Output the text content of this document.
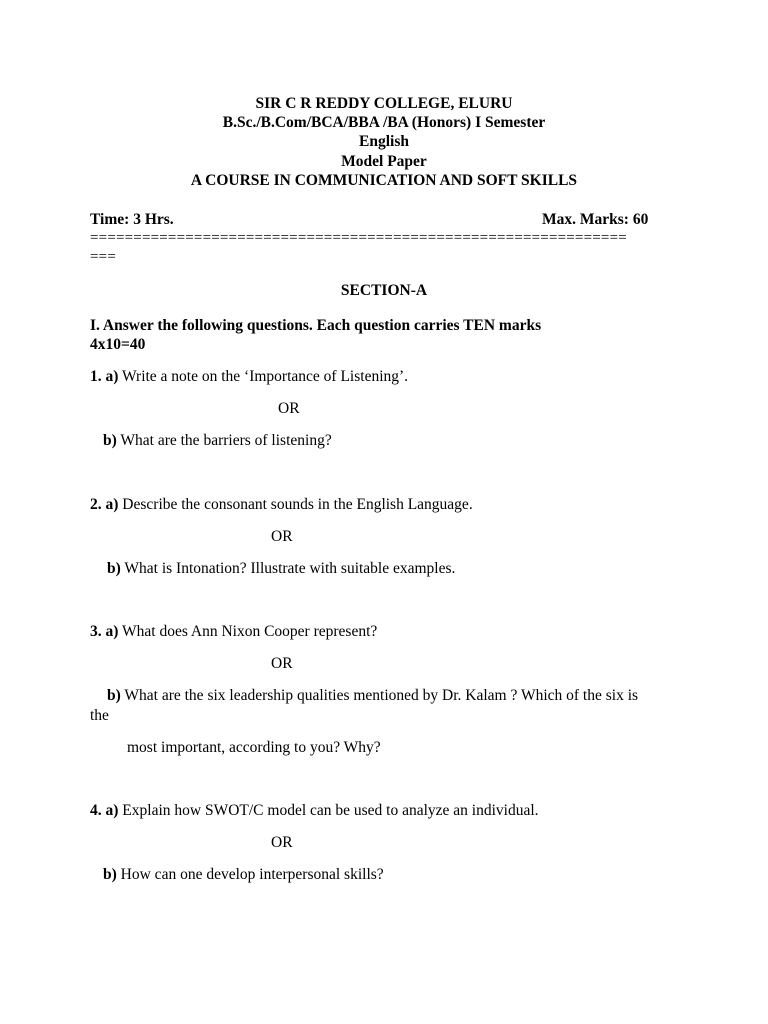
SIR C R REDDY COLLEGE, ELURU
B.Sc./B.Com/BCA/BBA /BA (Honors) I Semester
English
Model Paper
A COURSE IN COMMUNICATION AND SOFT SKILLS
Time: 3 Hrs.	Max. Marks: 60
==============================================================
===
SECTION-A
I. Answer the following questions. Each question carries TEN marks
4x10=40
1. a) Write a note on the ‘Importance of Listening’.
OR
b) What are the barriers of listening?
2. a) Describe the consonant sounds in the English Language.
OR
b) What is Intonation? Illustrate with suitable examples.
3. a) What does Ann Nixon Cooper represent?
OR
b) What are the six leadership qualities mentioned by Dr. Kalam ? Which of the six is
the
most important, according to you? Why?
4. a) Explain how SWOT/C model can be used to analyze an individual.
OR
b) How can one develop interpersonal skills?
